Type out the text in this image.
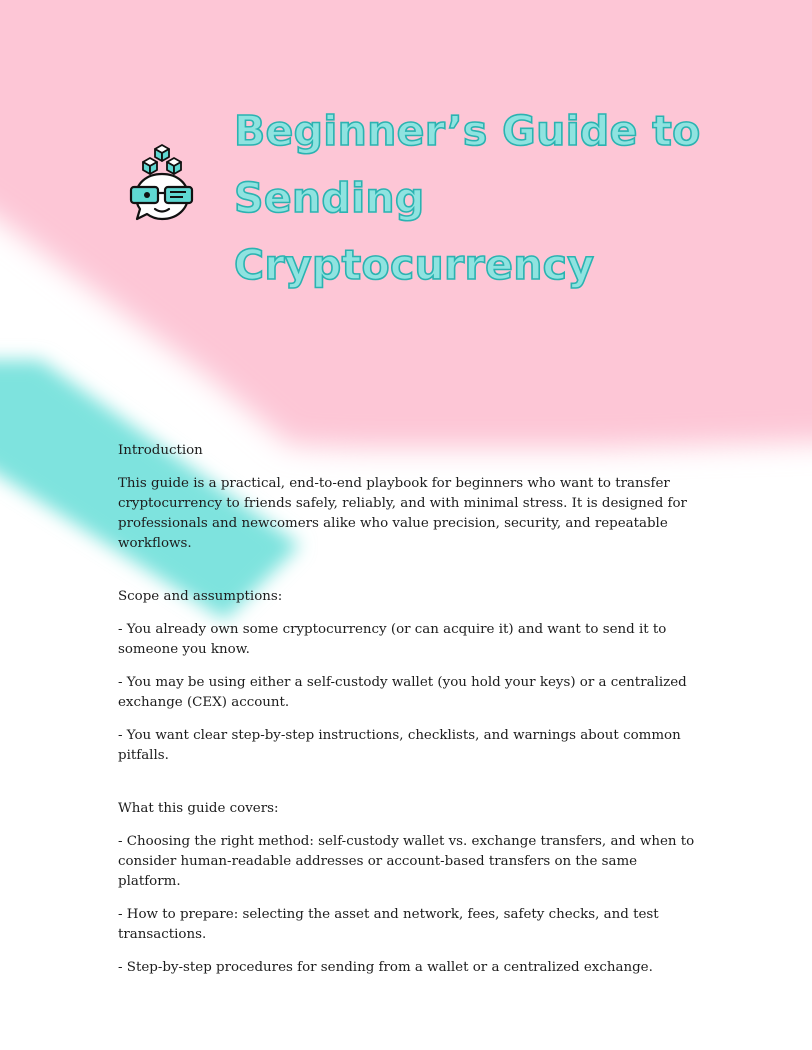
Beginner’s Guide to
Sending
Cryptocurrency

Introduction

This guide is a practical, end-to-end playbook for beginners who want to transfer cryptocurrency to friends safely, reliably, and with minimal stress. It is designed for professionals and newcomers alike who value precision, security, and repeatable workflows.

Scope and assumptions:

- You already own some cryptocurrency (or can acquire it) and want to send it to someone you know.

- You may be using either a self-custody wallet (you hold your keys) or a centralized exchange (CEX) account.

- You want clear step-by-step instructions, checklists, and warnings about common pitfalls.

What this guide covers:

- Choosing the right method: self-custody wallet vs. exchange transfers, and when to consider human-readable addresses or account-based transfers on the same platform.

- How to prepare: selecting the asset and network, fees, safety checks, and test transactions.

- Step-by-step procedures for sending from a wallet or a centralized exchange.
